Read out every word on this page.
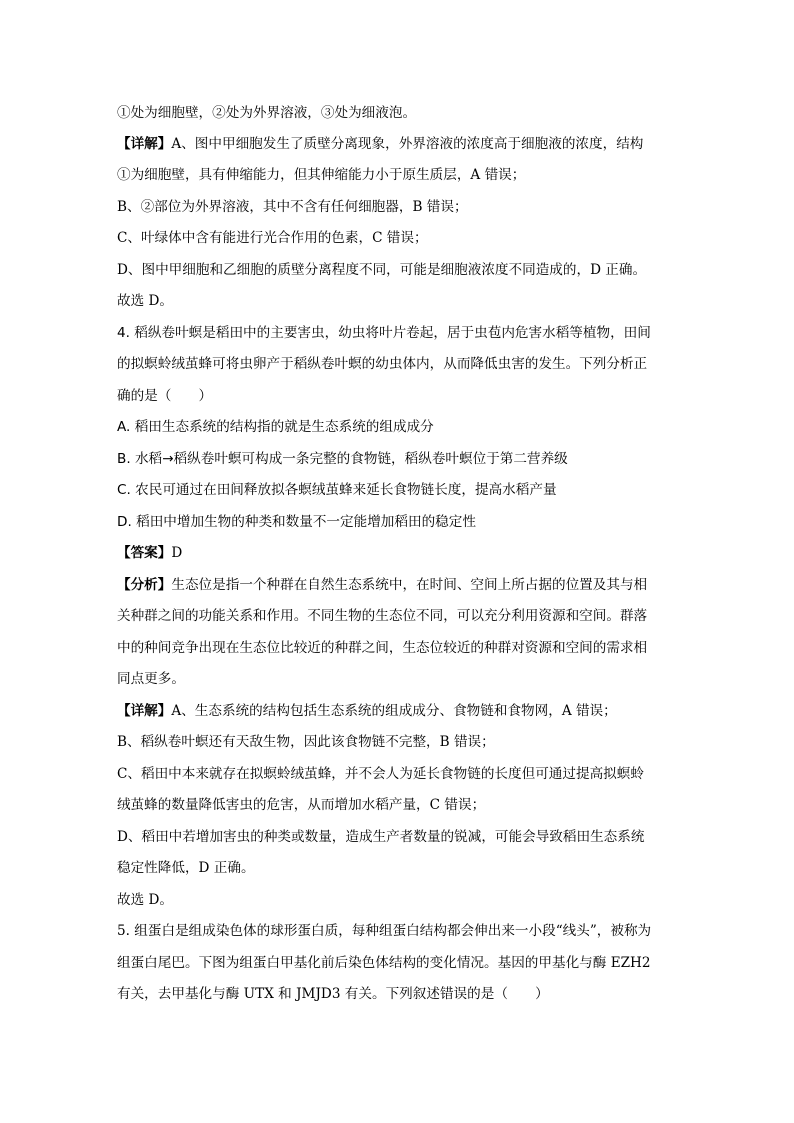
①处为细胞壁，②处为外界溶液，③处为细液泡。
【详解】A、图中甲细胞发生了质壁分离现象，外界溶液的浓度高于细胞液的浓度，结构
①为细胞壁，具有伸缩能力，但其伸缩能力小于原生质层，A 错误；
B、②部位为外界溶液，其中不含有任何细胞器，B 错误；
C、叶绿体中含有能进行光合作用的色素，C 错误；
D、图中甲细胞和乙细胞的质壁分离程度不同，可能是细胞液浓度不同造成的，D 正确。
故选 D。
4. 稻纵卷叶螟是稻田中的主要害虫，幼虫将叶片卷起，居于虫苞内危害水稻等植物，田间
的拟螟蛉绒茧蜂可将虫卵产于稻纵卷叶螟的幼虫体内，从而降低虫害的发生。下列分析正
确的是（　　）
A. 稻田生态系统的结构指的就是生态系统的组成成分
B. 水稻→稻纵卷叶螟可构成一条完整的食物链，稻纵卷叶螟位于第二营养级
C. 农民可通过在田间释放拟各螟绒茧蜂来延长食物链长度，提高水稻产量
D. 稻田中增加生物的种类和数量不一定能增加稻田的稳定性
【答案】D
【分析】生态位是指一个种群在自然生态系统中，在时间、空间上所占据的位置及其与相
关种群之间的功能关系和作用。不同生物的生态位不同，可以充分利用资源和空间。群落
中的种间竞争出现在生态位比较近的种群之间，生态位较近的种群对资源和空间的需求相
同点更多。
【详解】A、生态系统的结构包括生态系统的组成成分、食物链和食物网，A 错误；
B、稻纵卷叶螟还有天敌生物，因此该食物链不完整，B 错误；
C、稻田中本来就存在拟螟蛉绒茧蜂，并不会人为延长食物链的长度但可通过提高拟螟蛉
绒茧蜂的数量降低害虫的危害，从而增加水稻产量，C 错误；
D、稻田中若增加害虫的种类或数量，造成生产者数量的锐减，可能会导致稻田生态系统
稳定性降低，D 正确。
故选 D。
5. 组蛋白是组成染色体的球形蛋白质，每种组蛋白结构都会伸出来一小段“线头”，被称为
组蛋白尾巴。下图为组蛋白甲基化前后染色体结构的变化情况。基因的甲基化与酶 EZH2
有关，去甲基化与酶 UTX 和 JMJD3 有关。下列叙述错误的是（　　）
